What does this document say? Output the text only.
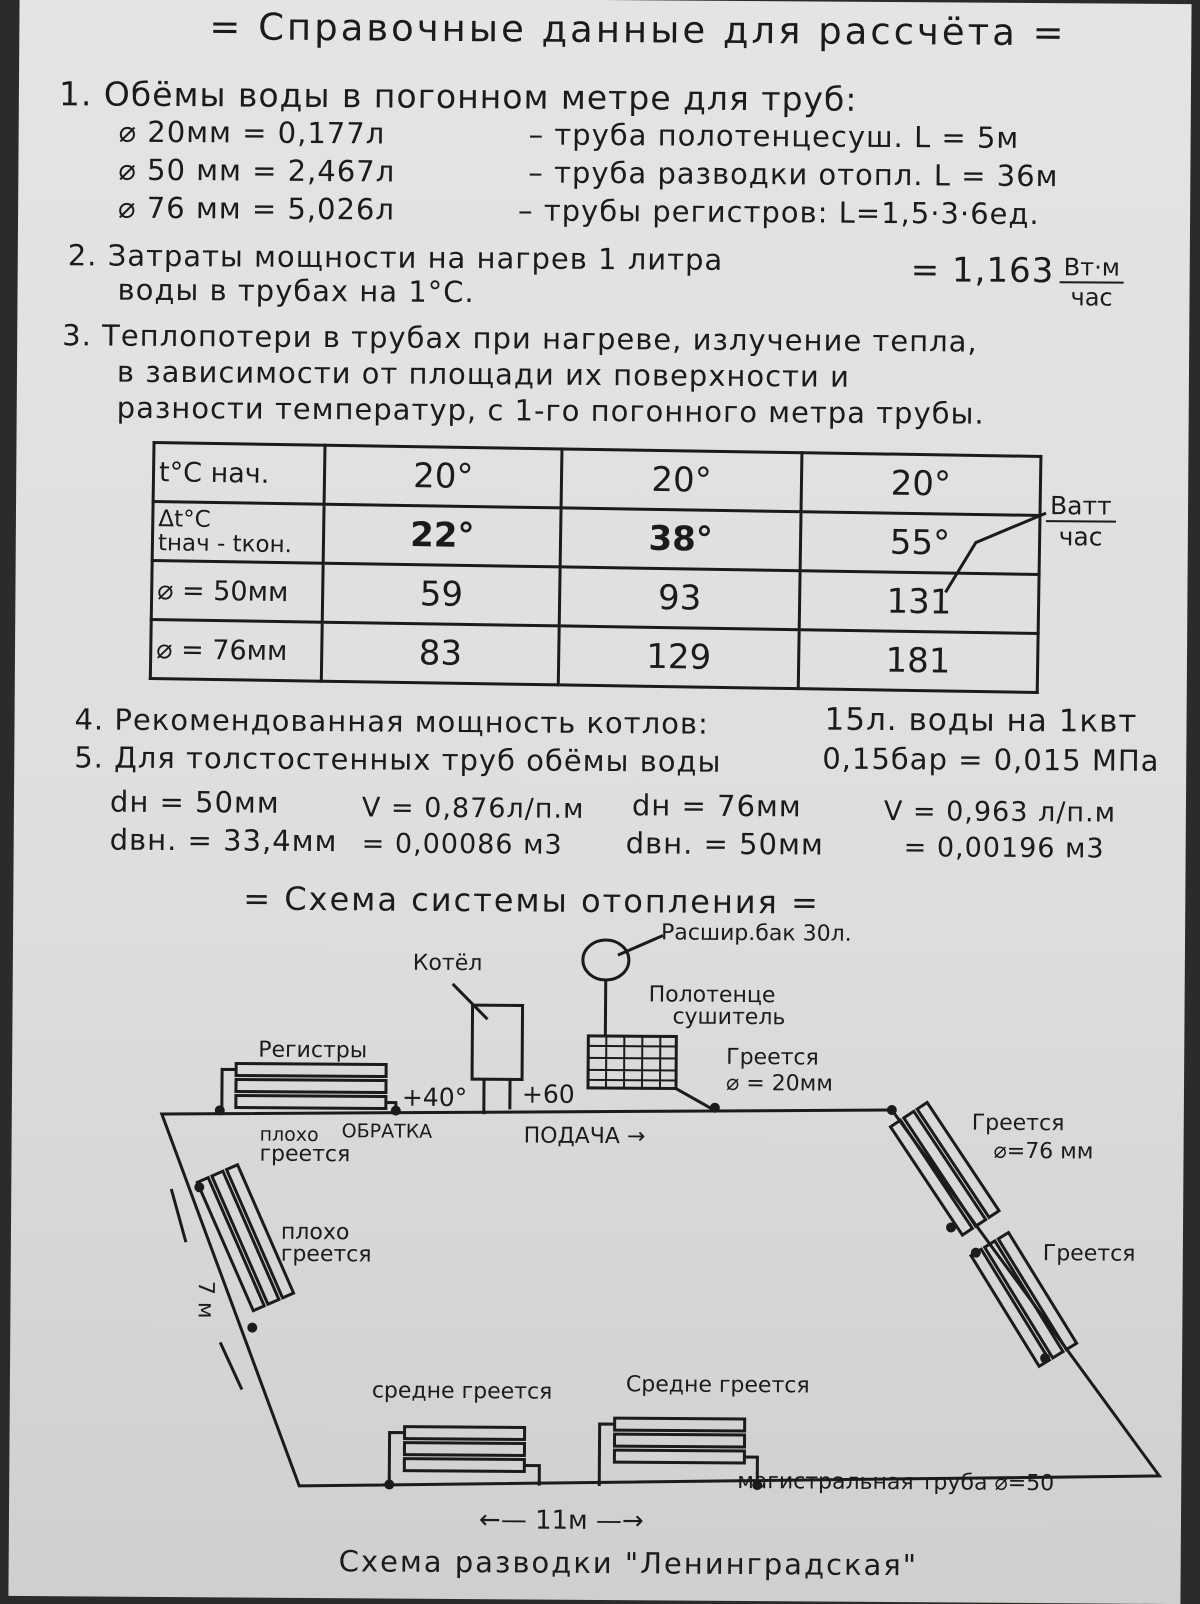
= Справочные данные для рассчёта =
1. Обёмы воды в погонном метре для труб:
⌀ 20мм = 0,177л	– труба полотенцесуш. L = 5м
⌀ 50 мм = 2,467л	– труба разводки отопл. L = 36м
⌀ 76 мм = 5,026л	– трубы регистров: L=1,5·3·6ед.
2. Затраты мощности на нагрев 1 литра
воды в трубах на 1°С.	= 1,163 Вт·м
час
3. Теплопотери в трубах при нагреве, излучение тепла,
в зависимости от площади их поверхности и
разности температур, с 1-го погонного метра трубы.
t°С нач.	20°	20°	20°

Δt°С
tнач - tкон.	22°	38°	55°
⌀ = 50мм	59	93	131
⌀ = 76мм	83	129	181
Ватт
час
4. Рекомендованная мощность котлов:	15л. воды на 1квт
5. Для толстостенных труб обёмы воды	0,15бар = 0,015 МПа
dн = 50мм
dвн. = 33,4мм
V = 0,876л/п.м
= 0,00086 м3
dн = 76мм
dвн. = 50мм
V = 0,963 л/п.м
= 0,00196 м3
= Схема системы отопления =
Котёл
Расшир.бак 30л.
Полотенце
сушитель
Греется
⌀ = 20мм
Регистры
+40° +60
плохо ОБРАТКА
греется
ПОДАЧА →
Греется
⌀=76 мм
Греется
плохо
греется
7 м
средне греется	Средне греется
←— 11м —→
магистральная труба ⌀=50
Схема разводки "Ленинградская"
